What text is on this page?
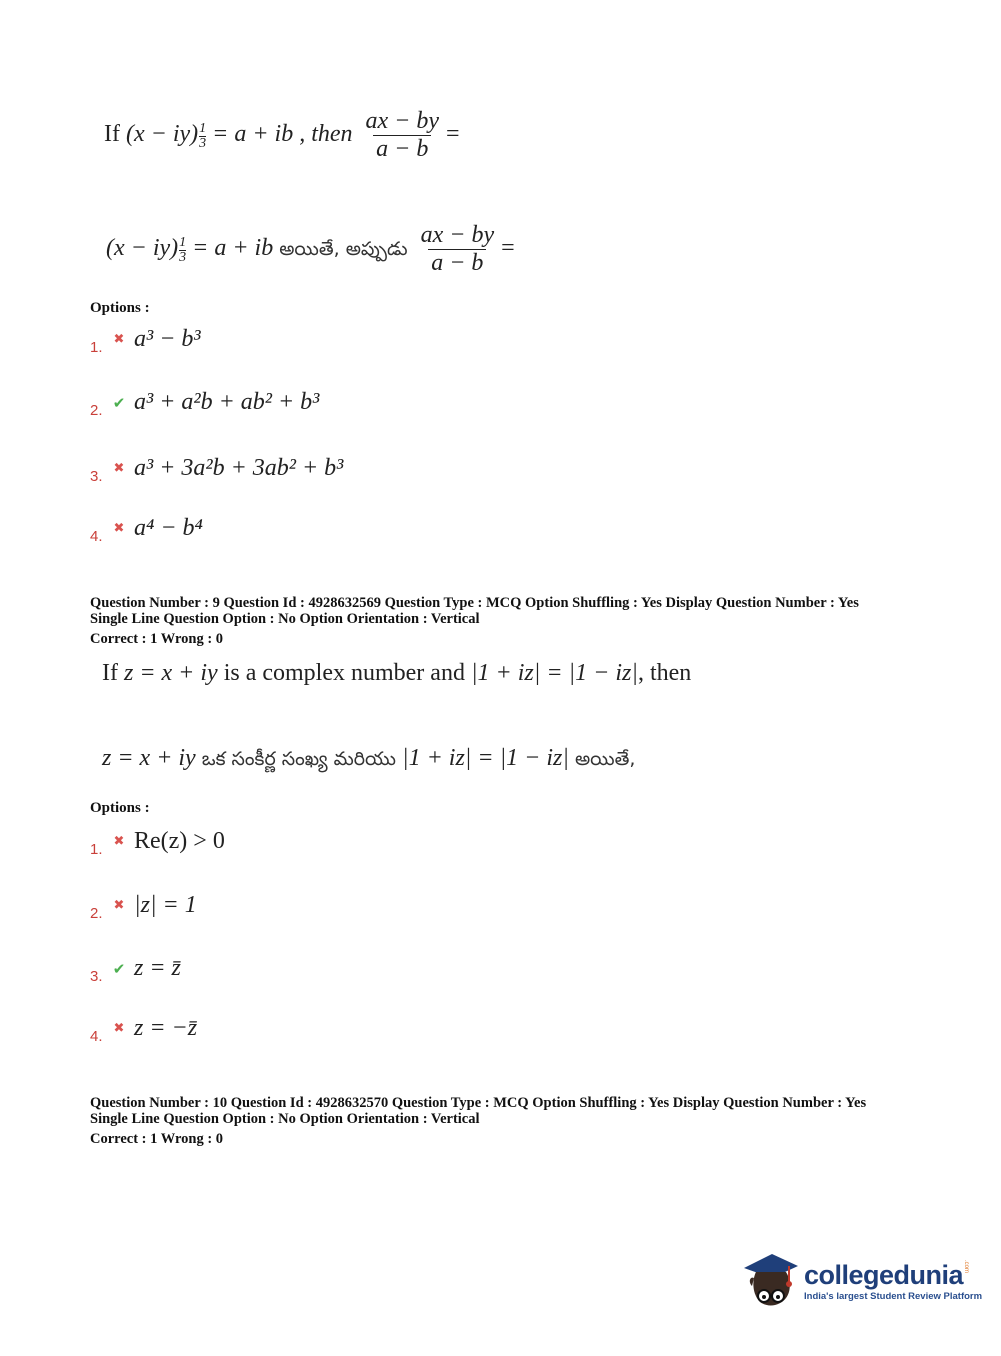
If $(x - iy) \frac{1}{3} = a$ + ib , then $\frac{ax - by}{a - b}$ =
$(x - iy) \frac{1}{3} = a$ + ib అయితే, అప్పుడు $\frac{ax - by}{a - b}$ =
Options :
1. ✖ a³ − b³
2. ✔ a³ + a²b + ab² + b³
3. ✖ a³ + 3a²b + 3ab² + b³
4. ✖ a⁴ − b⁴
Question Number : 9 Question Id : 4928632569 Question Type : MCQ Option Shuffling : Yes Display Question Number : Yes
Single Line Question Option : No Option Orientation : Vertical
Correct : 1 Wrong : 0
If z = x + iy is a complex number and |1 + iz| = |1 − iz|, then
z = x + iy ఒక సంకీర్ణ సంఖ్య మరియు |1 + iz| = |1 − iz| అయితే,
Options :
1. ✖ Re(z) > 0
2. ✖ |z| = 1
3. ✔ z = z̄
4. ✖ z = −z̄
Question Number : 10 Question Id : 4928632570 Question Type : MCQ Option Shuffling : Yes Display Question Number : Yes
Single Line Question Option : No Option Orientation : Vertical
Correct : 1 Wrong : 0
collegedunia .com
India's largest Student Review Platform
